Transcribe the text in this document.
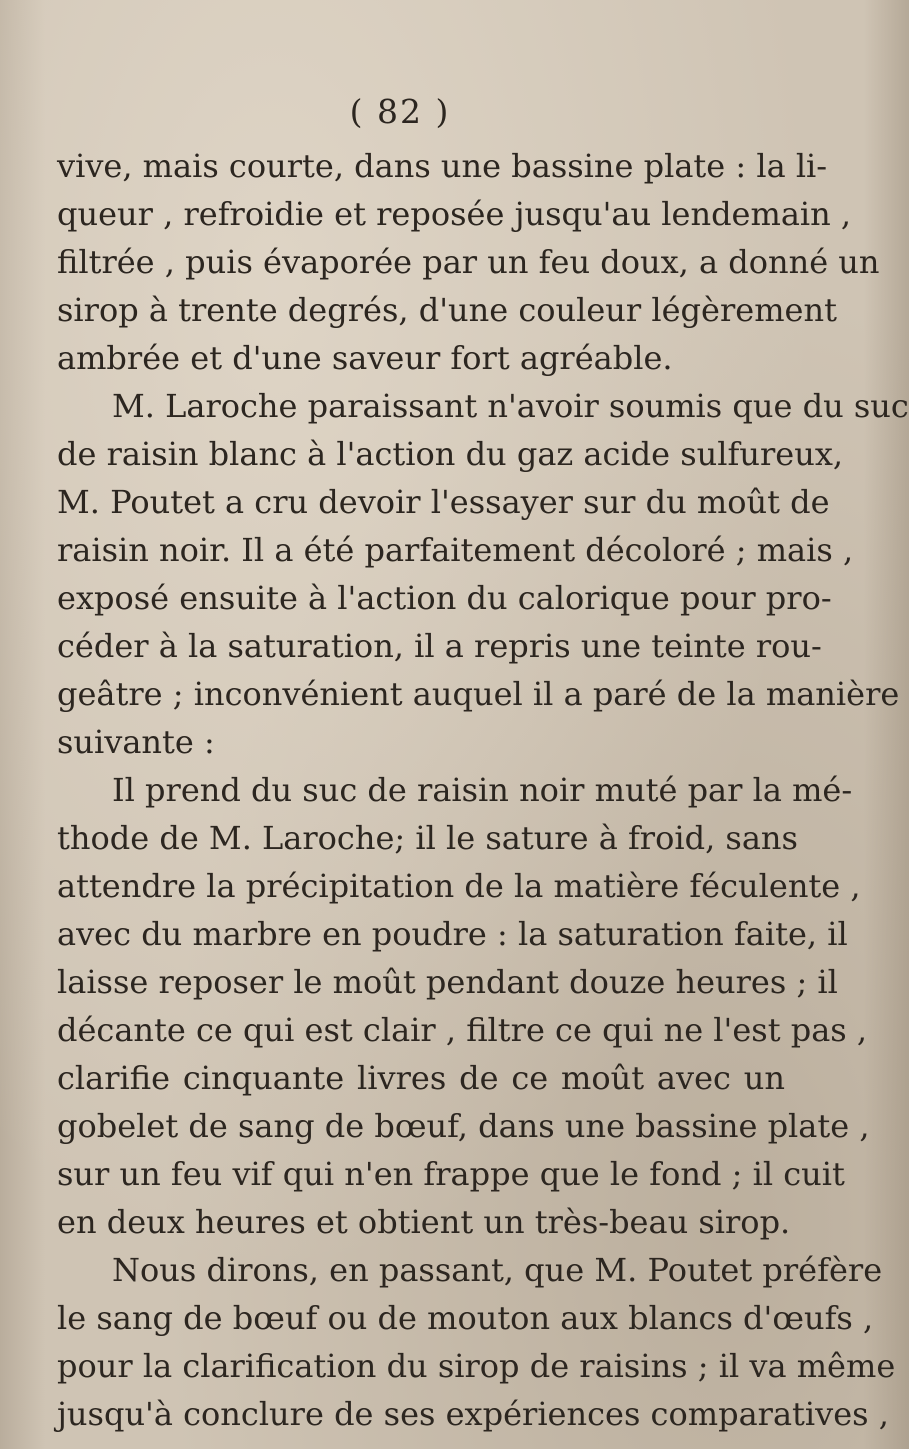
( 82 )
vive, mais courte, dans une bassine plate : la li-
queur , refroidie et reposée jusqu'au lendemain ,
filtrée , puis évaporée par un feu doux, a donné un
sirop à trente degrés, d'une couleur légèrement
ambrée et d'une saveur fort agréable.
M. Laroche paraissant n'avoir soumis que du suc
de raisin blanc à l'action du gaz acide sulfureux,
M. Poutet a cru devoir l'essayer sur du moût de
raisin noir. Il a été parfaitement décoloré ; mais ,
exposé ensuite à l'action du calorique pour pro-
céder à la saturation, il a repris une teinte rou-
geâtre ; inconvénient auquel il a paré de la manière
suivante :
Il prend du suc de raisin noir muté par la mé-
thode de M. Laroche; il le sature à froid, sans
attendre la précipitation de la matière féculente ,
avec du marbre en poudre : la saturation faite, il
laisse reposer le moût pendant douze heures ; il
décante ce qui est clair , filtre ce qui ne l'est pas ,
clarifie cinquante livres de ce moût avec un
gobelet de sang de bœuf, dans une bassine plate ,
sur un feu vif qui n'en frappe que le fond ; il cuit
en deux heures et obtient un très-beau sirop.
Nous dirons, en passant, que M. Poutet préfère
le sang de bœuf ou de mouton aux blancs d'œufs ,
pour la clarification du sirop de raisins ; il va même
jusqu'à conclure de ses expériences comparatives ,
